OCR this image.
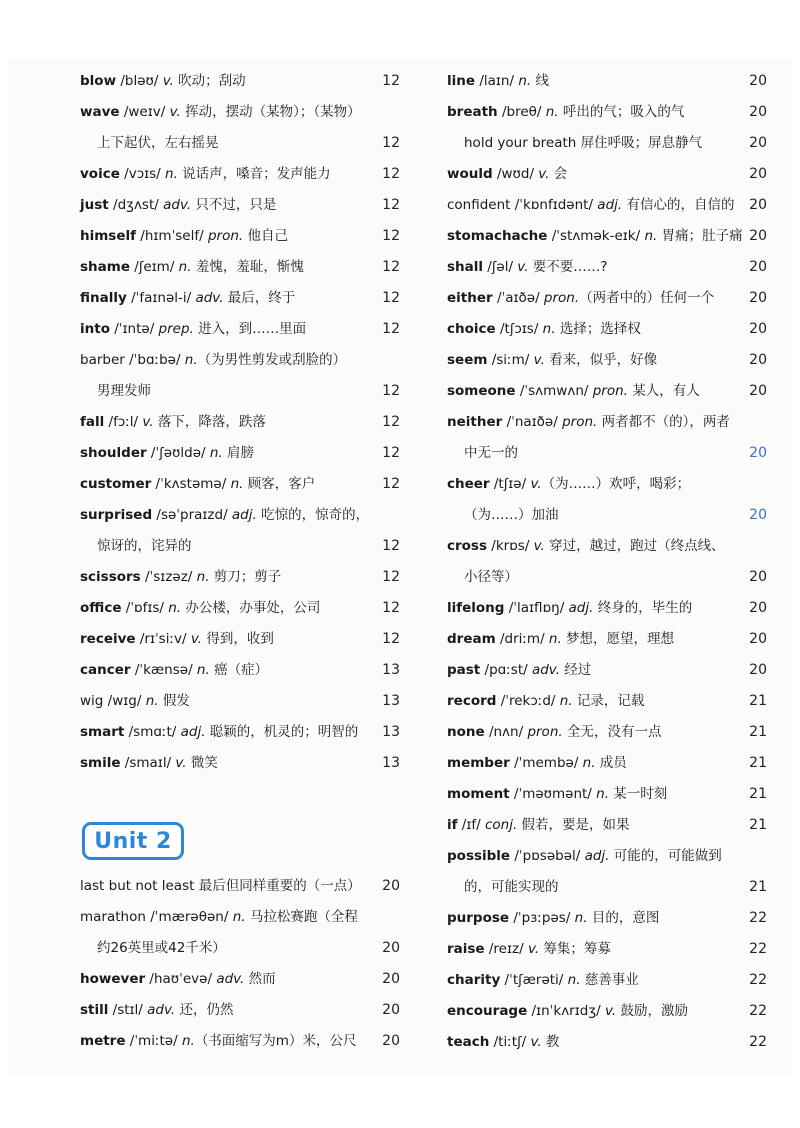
blow /bləʊ/ v. 吹动；刮动	12
wave /weɪv/ v. 挥动，摆动（某物）；（某物）
上下起伏，左右摇晃	12
voice /vɔɪs/ n. 说话声，嗓音；发声能力	12
just /dʒʌst/ adv. 只不过，只是	12
himself /hɪmˈself/ pron. 他自己	12
shame /ʃeɪm/ n. 羞愧，羞耻，惭愧	12
finally /ˈfaɪnəl-i/ adv. 最后，终于	12
into /ˈɪntə/ prep. 进入，到……里面	12
barber /ˈbɑːbə/ n.（为男性剪发或刮脸的）
男理发师	12
fall /fɔːl/ v. 落下，降落，跌落	12
shoulder /ˈʃəʊldə/ n. 肩膀	12
customer /ˈkʌstəmə/ n. 顾客，客户	12
surprised /səˈpraɪzd/ adj. 吃惊的，惊奇的，
惊讶的，诧异的	12
scissors /ˈsɪzəz/ n. 剪刀；剪子	12
office /ˈɒfɪs/ n. 办公楼，办事处，公司	12
receive /rɪˈsiːv/ v. 得到，收到	12
cancer /ˈkænsə/ n. 癌（症）	13
wig /wɪg/ n. 假发	13
smart /smɑːt/ adj. 聪颖的，机灵的；明智的 13
smile /smaɪl/ v. 微笑	13
Unit 2
last but not least 最后但同样重要的（一点） 20
marathon /ˈmærəθən/ n. 马拉松赛跑（全程
约26英里或42千米）	20
however /haʊˈevə/ adv. 然而	20
still /stɪl/ adv. 还，仍然	20
metre /ˈmiːtə/ n.（书面缩写为m）米，公尺 20
line /laɪn/ n. 线	20
breath /breθ/ n. 呼出的气；吸入的气	20
hold your breath 屏住呼吸；屏息静气	20
would /wʊd/ v. 会	20
confident /ˈkɒnfɪdənt/ adj. 有信心的，自信的 20
stomachache /ˈstʌmək-eɪk/ n. 胃痛；肚子痛 20
shall /ʃəl/ v. 要不要……?	20
either /ˈaɪðə/ pron.（两者中的）任何一个	20
choice /tʃɔɪs/ n. 选择；选择权	20
seem /siːm/ v. 看来，似乎，好像	20
someone /ˈsʌmwʌn/ pron. 某人，有人	20
neither /ˈnaɪðə/ pron. 两者都不（的），两者
中无一的	20
cheer /tʃɪə/ v.（为……）欢呼，喝彩；
（为……）加油	20
cross /krɒs/ v. 穿过，越过，跑过（终点线、
小径等）	20
lifelong /ˈlaɪflɒŋ/ adj. 终身的，毕生的	20
dream /driːm/ n. 梦想，愿望，理想	20
past /pɑːst/ adv. 经过	20
record /ˈrekɔːd/ n. 记录，记载	21
none /nʌn/ pron. 全无，没有一点	21
member /ˈmembə/ n. 成员	21
moment /ˈməʊmənt/ n. 某一时刻	21
if /ɪf/ conj. 假若，要是，如果	21
possible /ˈpɒsəbəl/ adj. 可能的，可能做到
的，可能实现的	21
purpose /ˈpɜːpəs/ n. 目的，意图	22
raise /reɪz/ v. 筹集；筹募	22
charity /ˈtʃærəti/ n. 慈善事业	22
encourage /ɪnˈkʌrɪdʒ/ v. 鼓励，激励	22
teach /tiːtʃ/ v. 教	22
